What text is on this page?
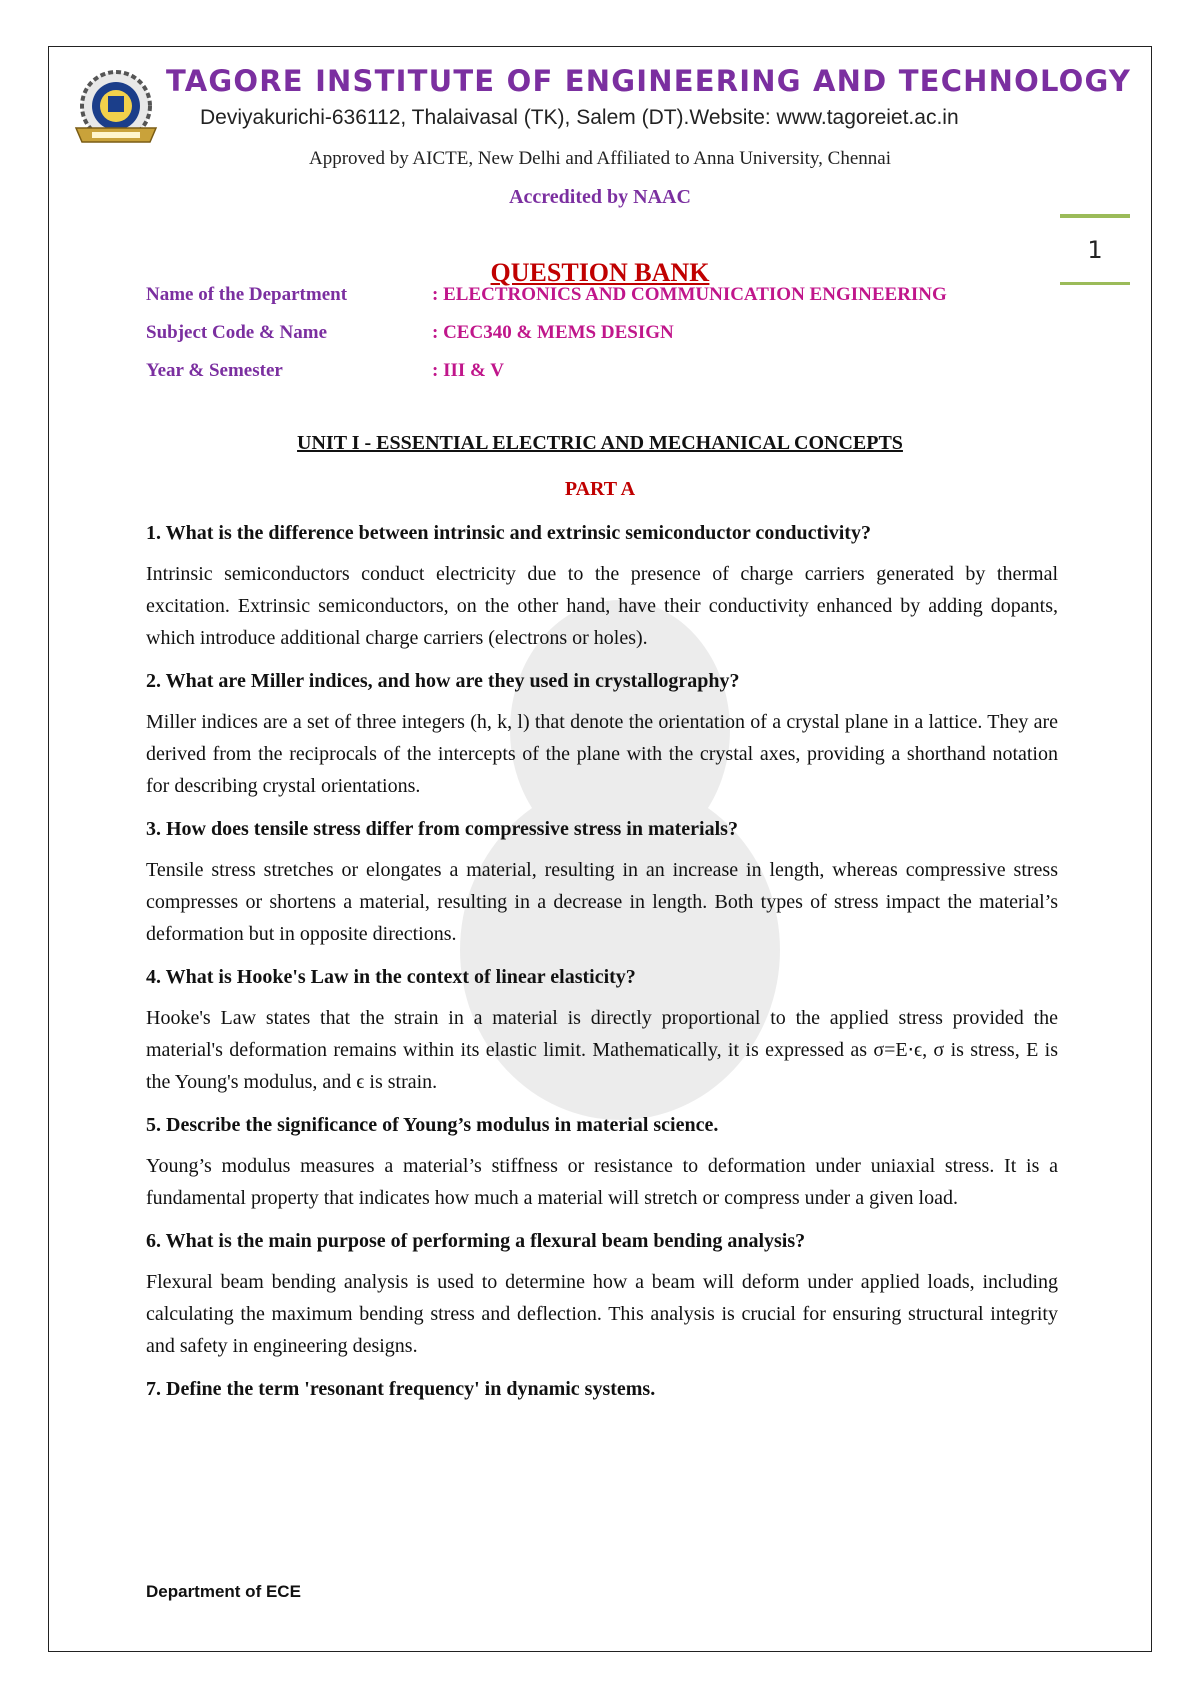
TAGORE INSTITUTE OF ENGINEERING AND TECHNOLOGY
Deviyakurichi-636112, Thalaivasal (TK), Salem (DT).Website: www.tagoreiet.ac.in
Approved by AICTE, New Delhi and Affiliated to Anna University, Chennai
Accredited by NAAC
1
QUESTION BANK
Name of the Department	: ELECTRONICS AND COMMUNICATION ENGINEERING
Subject Code & Name	: CEC340 & MEMS DESIGN
Year & Semester	: III & V
UNIT I - ESSENTIAL ELECTRIC AND MECHANICAL CONCEPTS
PART A

1. What is the difference between intrinsic and extrinsic semiconductor conductivity?

Intrinsic semiconductors conduct electricity due to the presence of charge carriers generated by thermal excitation. Extrinsic semiconductors, on the other hand, have their conductivity enhanced by adding dopants, which introduce additional charge carriers (electrons or holes).

2. What are Miller indices, and how are they used in crystallography?

Miller indices are a set of three integers (h, k, l) that denote the orientation of a crystal plane in a lattice. They are derived from the reciprocals of the intercepts of the plane with the crystal axes, providing a shorthand notation for describing crystal orientations.

3. How does tensile stress differ from compressive stress in materials?

Tensile stress stretches or elongates a material, resulting in an increase in length, whereas compressive stress compresses or shortens a material, resulting in a decrease in length. Both types of stress impact the material’s deformation but in opposite directions.

4. What is Hooke's Law in the context of linear elasticity?

Hooke's Law states that the strain in a material is directly proportional to the applied stress provided the material's deformation remains within its elastic limit. Mathematically, it is expressed as σ=E⋅ϵ, σ is stress, E is the Young's modulus, and ϵ is strain.

5. Describe the significance of Young’s modulus in material science.

Young’s modulus measures a material’s stiffness or resistance to deformation under uniaxial stress. It is a fundamental property that indicates how much a material will stretch or compress under a given load.

6. What is the main purpose of performing a flexural beam bending analysis?

Flexural beam bending analysis is used to determine how a beam will deform under applied loads, including calculating the maximum bending stress and deflection. This analysis is crucial for ensuring structural integrity and safety in engineering designs.

7. Define the term 'resonant frequency' in dynamic systems.

Department of ECE
